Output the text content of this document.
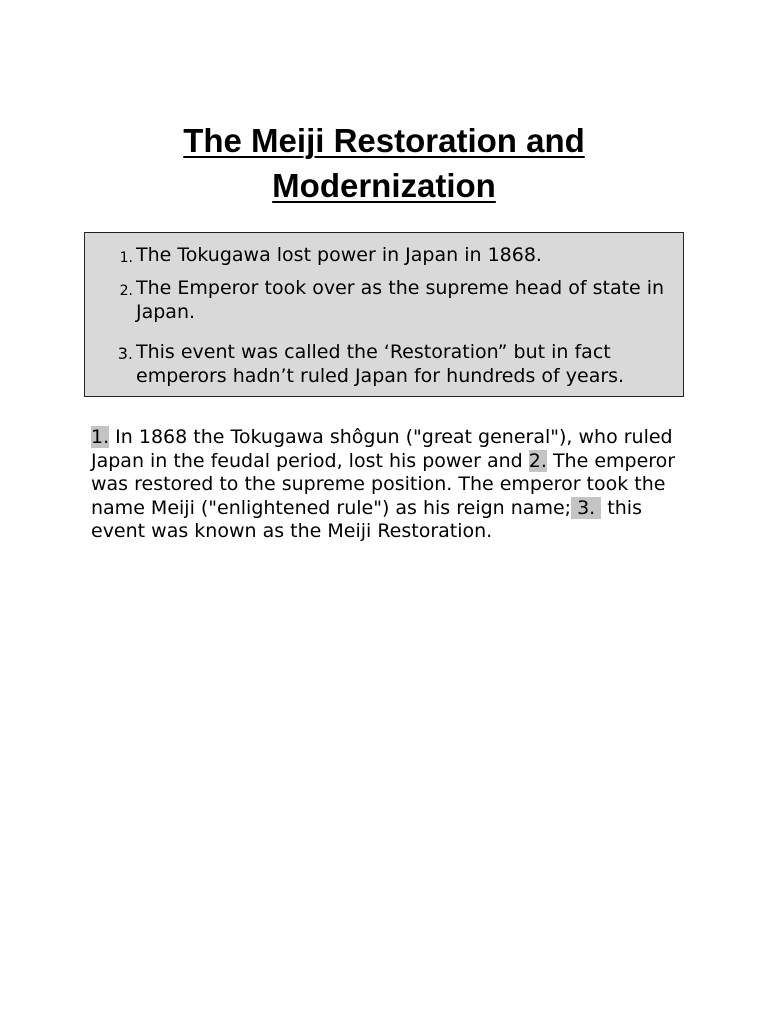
The Meiji Restoration and
Modernization
1. The Tokugawa lost power in Japan in 1868.
2. The Emperor took over as the supreme head of state in Japan.
3. This event was called the ‘Restoration” but in fact emperors hadn’t ruled Japan for hundreds of years.

1. In 1868 the Tokugawa shôgun ("great general"), who ruled Japan in the feudal period, lost his power and 2. The emperor was restored to the supreme position. The emperor took the name Meiji ("enlightened rule") as his reign name; 3.  this event was known as the Meiji Restoration.
